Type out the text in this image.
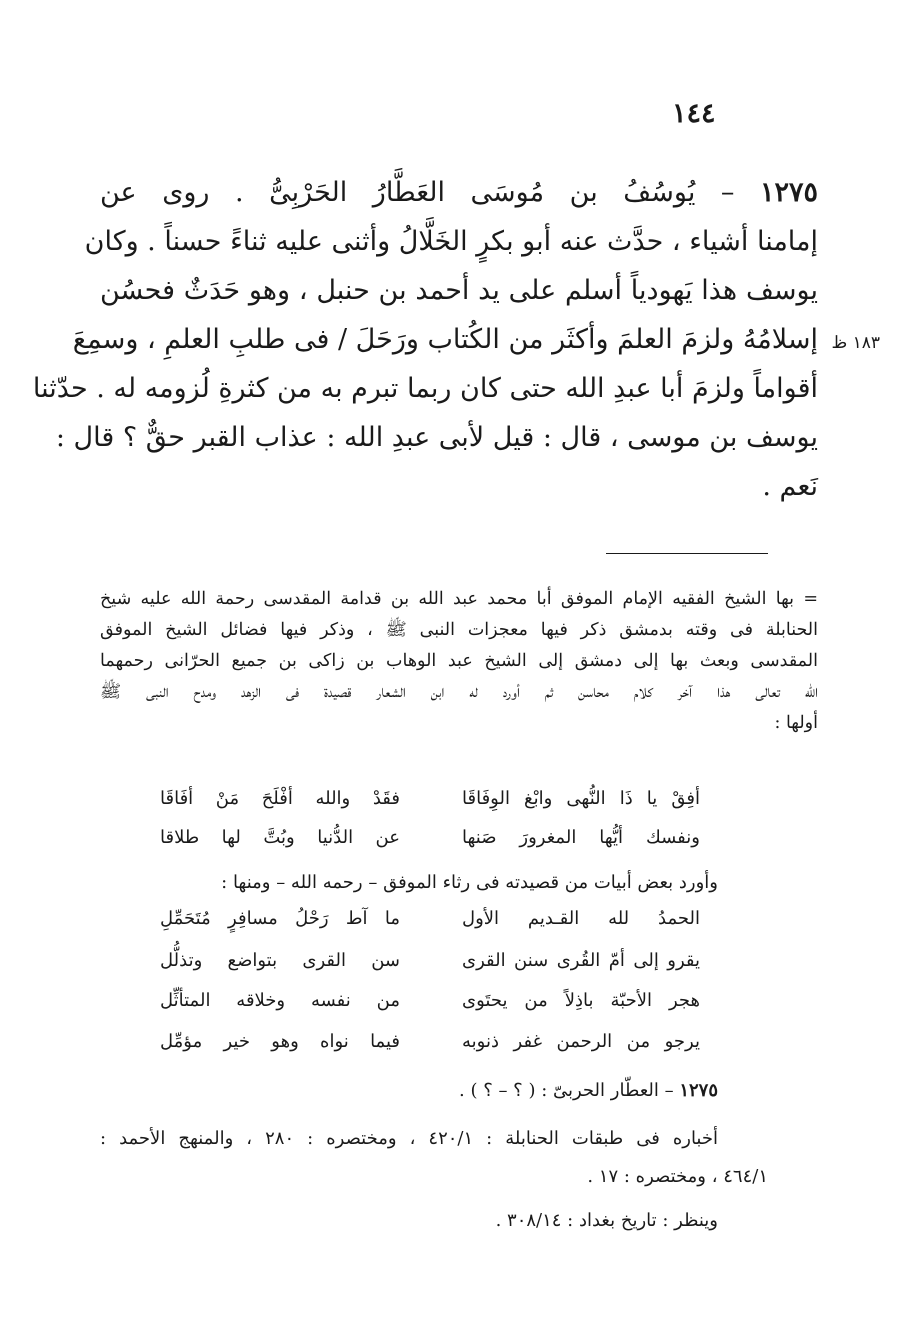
١٤٤
١٢٧٥ – يُوسُفُ بن مُوسَى العَطَّارُ الحَرْبِىُّ . روى عن
إمامنا أشياء ، حدَّث عنه أبو بكرٍ الخَلَّالُ وأثنى عليه ثناءً حسناً . وكان
يوسف هذا يَهودياً أسلم على يد أحمد بن حنبل ، وهو حَدَثٌ فحسُن
إسلامُهُ ولزمَ العلمَ وأكثَر من الكُتاب ورَحَلَ / فى طلبِ العلمِ ، وسمِعَ
أقواماً ولزمَ أبا عبدِ الله حتى كان ربما تبرم به من كثرةِ لُزومه له . حدّثنا
يوسف بن موسى ، قال : قيل لأبى عبدِ الله : عذاب القبر حقٌّ ؟ قال :
نَعم .
١٨٣ ظ
= بها الشيخ الفقيه الإمام الموفق أبا محمد عبد الله بن قدامة المقدسى رحمة الله عليه شيخ
الحنابلة فى وقته بدمشق ذكر فيها معجزات النبى ﷺ ، وذكر فيها فضائل الشيخ الموفق
المقدسى وبعث بها إلى دمشق إلى الشيخ عبد الوهاب بن زاكى بن جميع الحرّانى رحمهما
الله تعالى هذا آخر كلام محاسن ثم أورد له ابن الشعار قصيدة فى الزهد ومدح النبى ﷺ
أولها :
أفِقْ يا ذَا النُّهى وابْغ الوِفَاقَا
فقَدْ والله أفْلَحَ مَنْ أفَاقَا
ونفسك أيُّها المغرورَ صَنها
عن الدُّنيا وبُتَّ لها طلاقا
وأورد بعض أبيات من قصيدته فى رثاء الموفق – رحمه الله – ومنها :
الحمدُ لله القـديم الأول
ما آط رَحْلُ مسافِرٍ مُتَحَمِّلِ
يقرو إلى أمّ القُرى سنن القرى
سن القرى بتواضع وتذلُّل
هجر الأحبّة باذِلاً من يحتَوى
من نفسه وخلاقه المتأثِّل
يرجو من الرحمن غفر ذنوبه
فيما نواه وهو خير مؤمِّل
١٢٧٥ – العطّار الحربىّ : ( ؟ – ؟ ) .
أخباره فى طبقات الحنابلة : ٤٢٠/١ ، ومختصره : ٢٨٠ ، والمنهج الأحمد :
٤٦٤/١ ، ومختصره : ١٧ .
وينظر : تاريخ بغداد : ٣٠٨/١٤ .
